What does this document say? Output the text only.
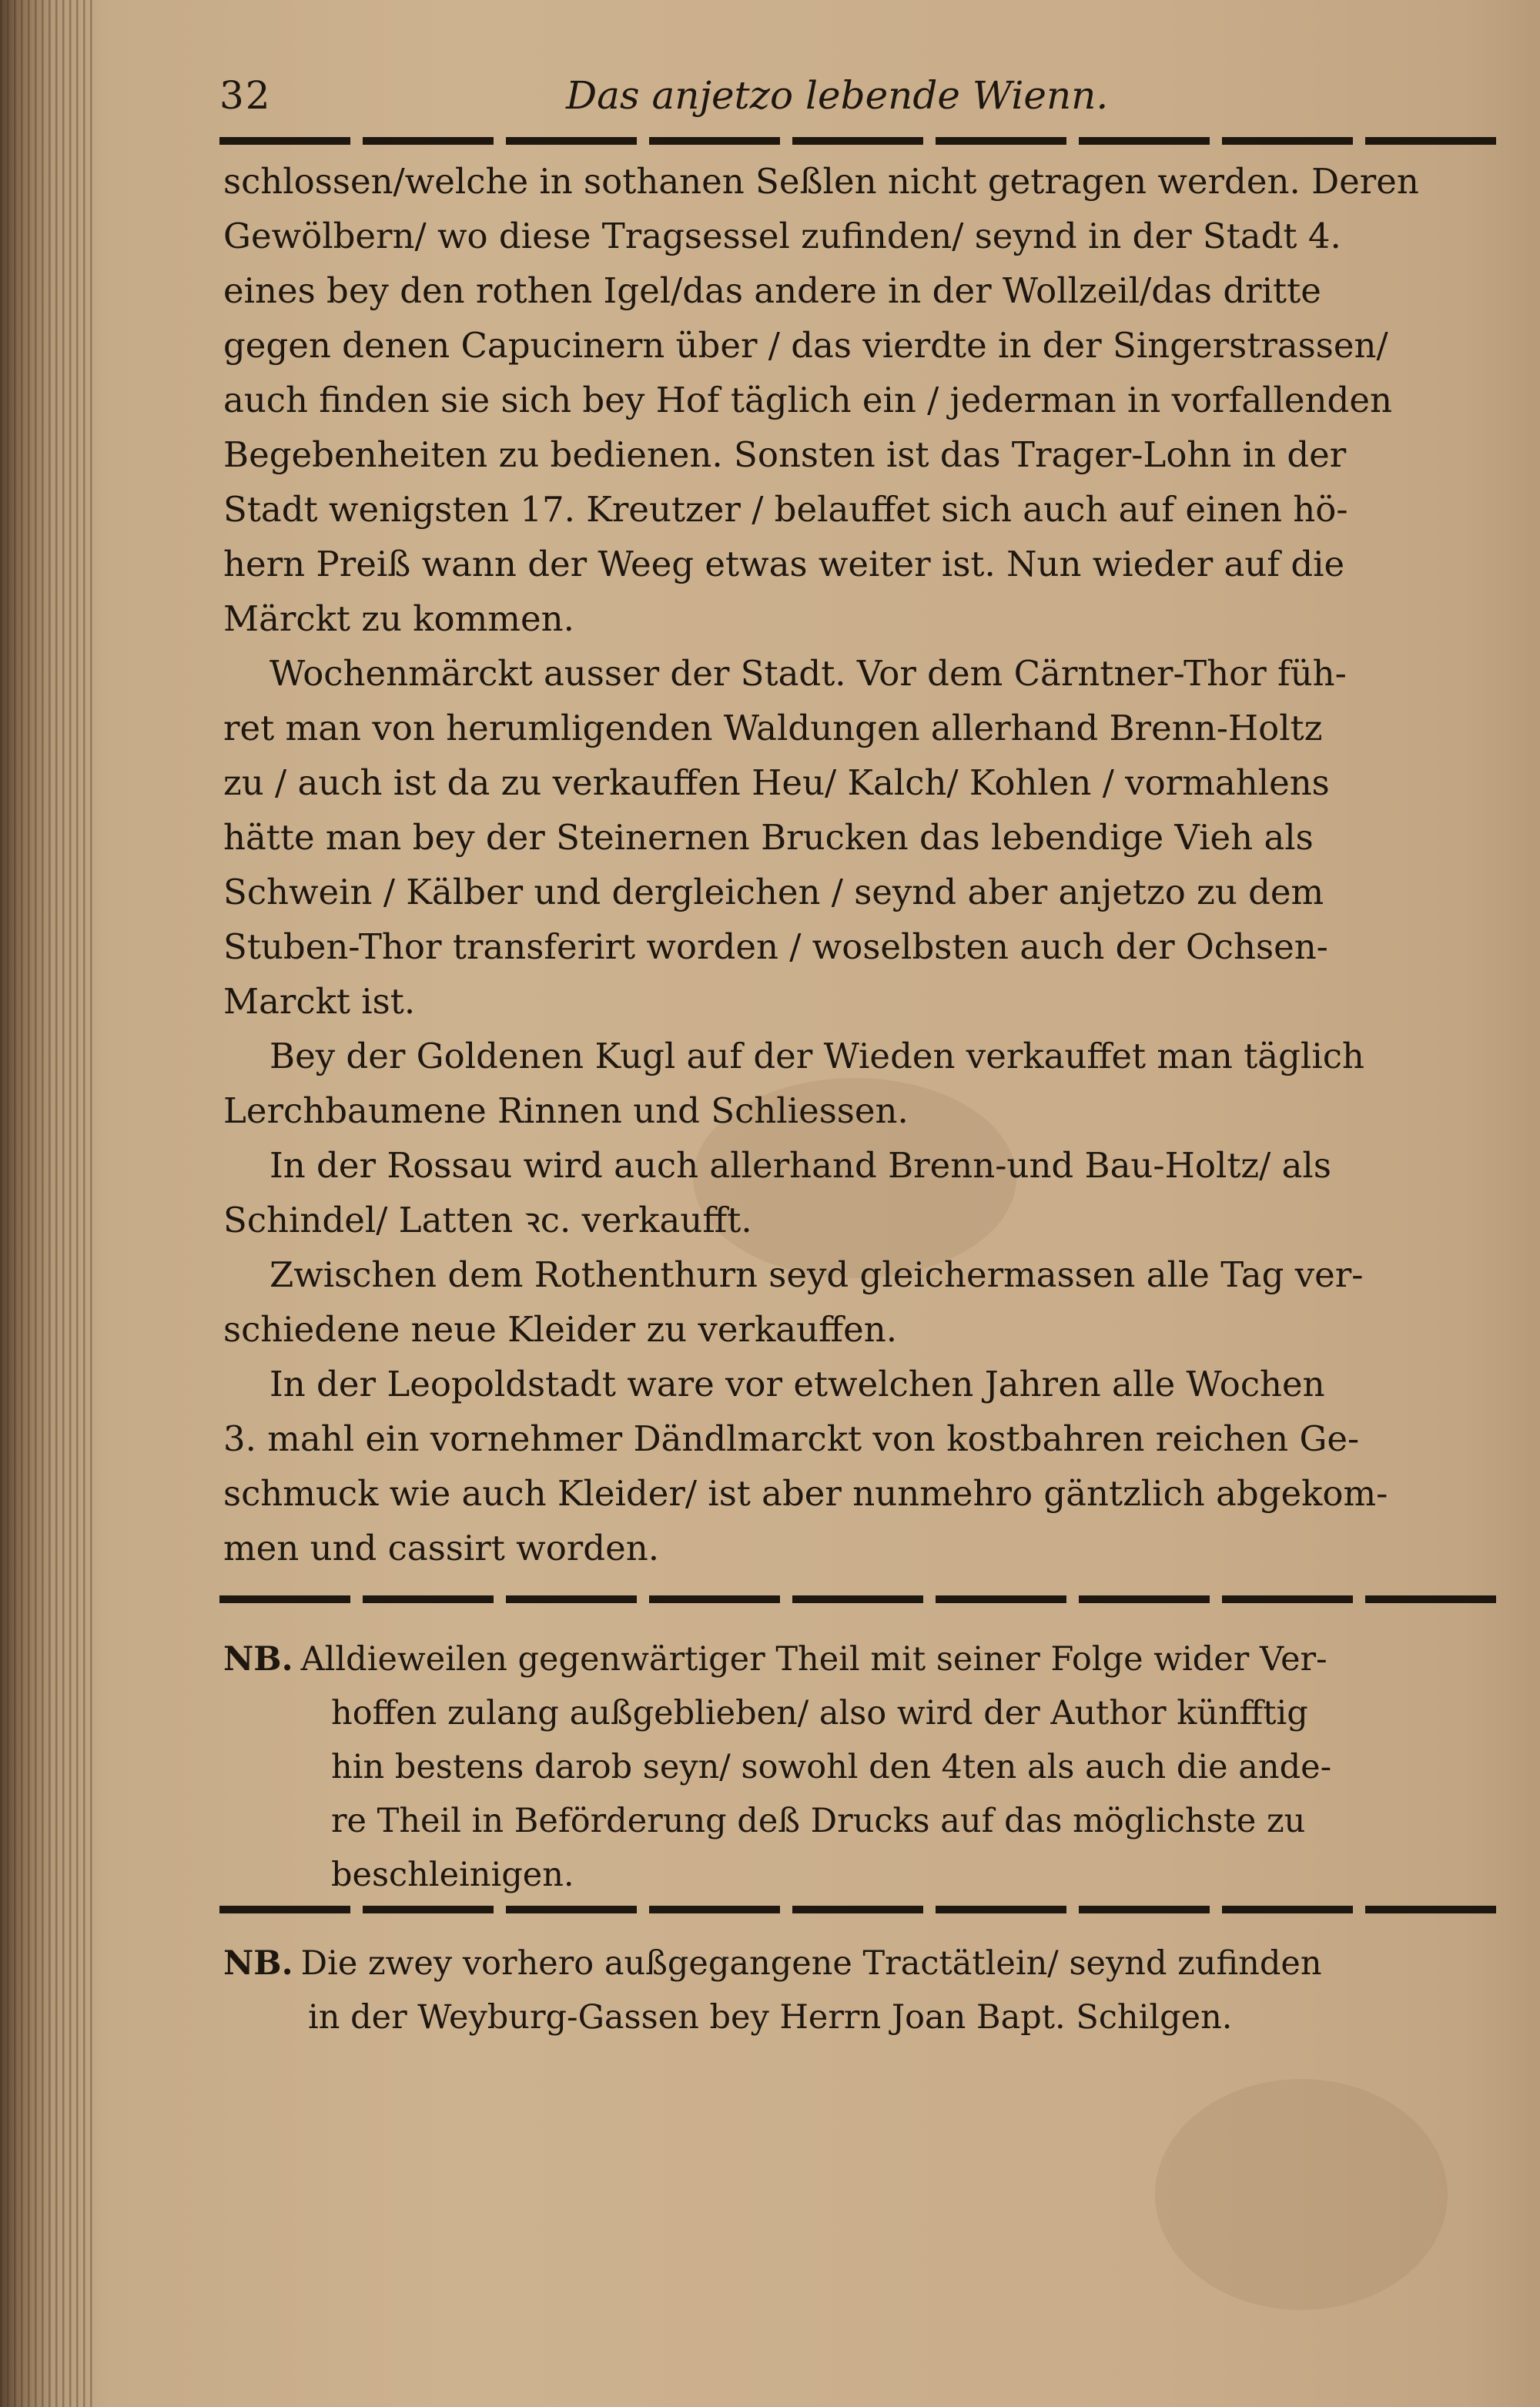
32	Das anjetzo lebende Wienn.
schlossen/welche in sothanen Seßlen nicht getragen werden. Deren
Gewölbern/ wo diese Tragsessel zufinden/ seynd in der Stadt 4.
eines bey den rothen Igel/das andere in der Wollzeil/das dritte
gegen denen Capucinern über / das vierdte in der Singerstrassen/
auch finden sie sich bey Hof täglich ein / jederman in vorfallenden
Begebenheiten zu bedienen. Sonsten ist das Trager-Lohn in der
Stadt wenigsten 17. Kreutzer / belauffet sich auch auf einen hö-
hern Preiß wann der Weeg etwas weiter ist. Nun wieder auf die
Märckt zu kommen.
Wochenmärckt ausser der Stadt. Vor dem Cärntner-Thor füh-
ret man von herumligenden Waldungen allerhand Brenn-Holtz
zu / auch ist da zu verkauffen Heu/ Kalch/ Kohlen / vormahlens
hätte man bey der Steinernen Brucken das lebendige Vieh als
Schwein / Kälber und dergleichen / seynd aber anjetzo zu dem
Stuben-Thor transferirt worden / woselbsten auch der Ochsen-
Marckt ist.
Bey der Goldenen Kugl auf der Wieden verkauffet man täglich
Lerchbaumene Rinnen und Schliessen.
In der Rossau wird auch allerhand Brenn-und Bau-Holtz/ als
Schindel/ Latten ꝛc. verkaufft.
Zwischen dem Rothenthurn seyd gleichermassen alle Tag ver-
schiedene neue Kleider zu verkauffen.
In der Leopoldstadt ware vor etwelchen Jahren alle Wochen
3. mahl ein vornehmer Dändlmarckt von kostbahren reichen Ge-
schmuck wie auch Kleider/ ist aber nunmehro gäntzlich abgekom-
men und cassirt worden.
NB. Alldieweilen gegenwärtiger Theil mit seiner Folge wider Ver-
hoffen zulang außgeblieben/ also wird der Author künfftig
hin bestens darob seyn/ sowohl den 4ten als auch die ande-
re Theil in Beförderung deß Drucks auf das möglichste zu
beschleinigen.
NB. Die zwey vorhero außgegangene Tractätlein/ seynd zufinden
in der Weyburg-Gassen bey Herrn Joan Bapt. Schilgen.
